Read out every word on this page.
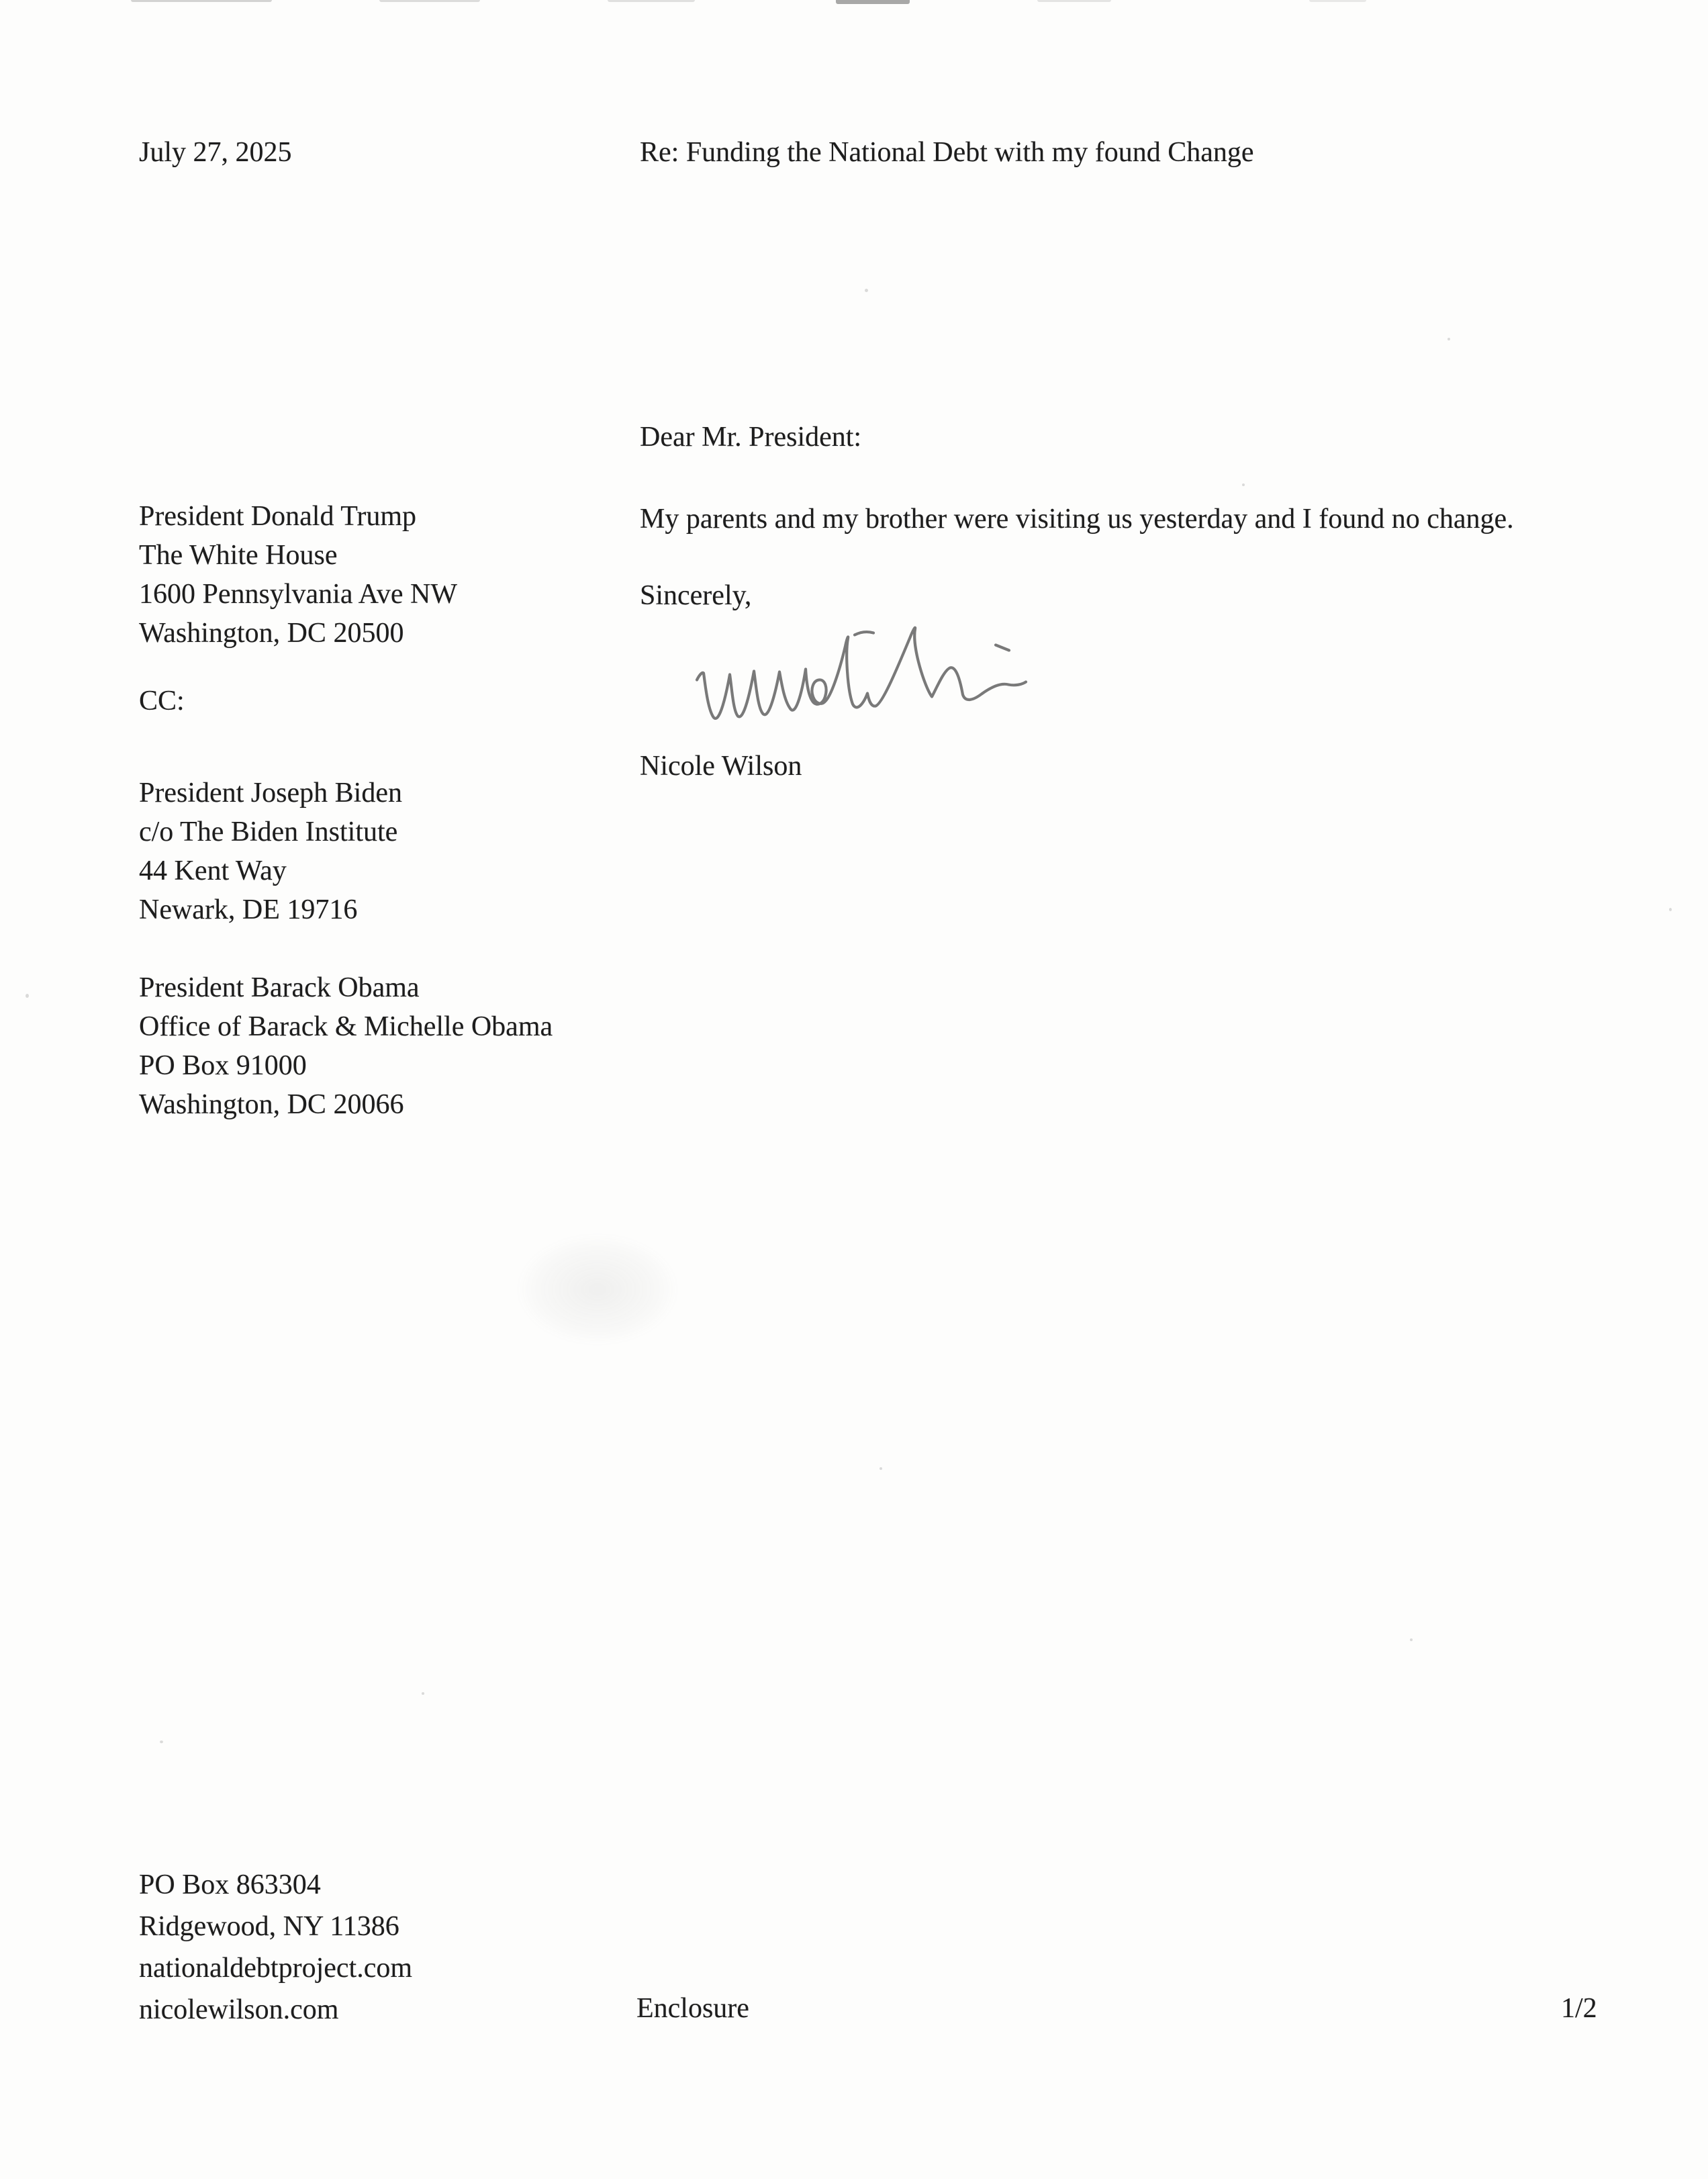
July 27, 2025	Re: Funding the National Debt with my found Change
Dear Mr. President:
My parents and my brother were visiting us yesterday and I found no change.
Sincerely,
Nicole Wilson
President Donald Trump
The White House
1600 Pennsylvania Ave NW
Washington, DC 20500
CC:
President Joseph Biden
c/o The Biden Institute
44 Kent Way
Newark, DE 19716
President Barack Obama
Office of Barack & Michelle Obama
PO Box 91000
Washington, DC 20066
PO Box 863304
Ridgewood, NY 11386
nationaldebtproject.com
nicolewilson.com	Enclosure	1/2
